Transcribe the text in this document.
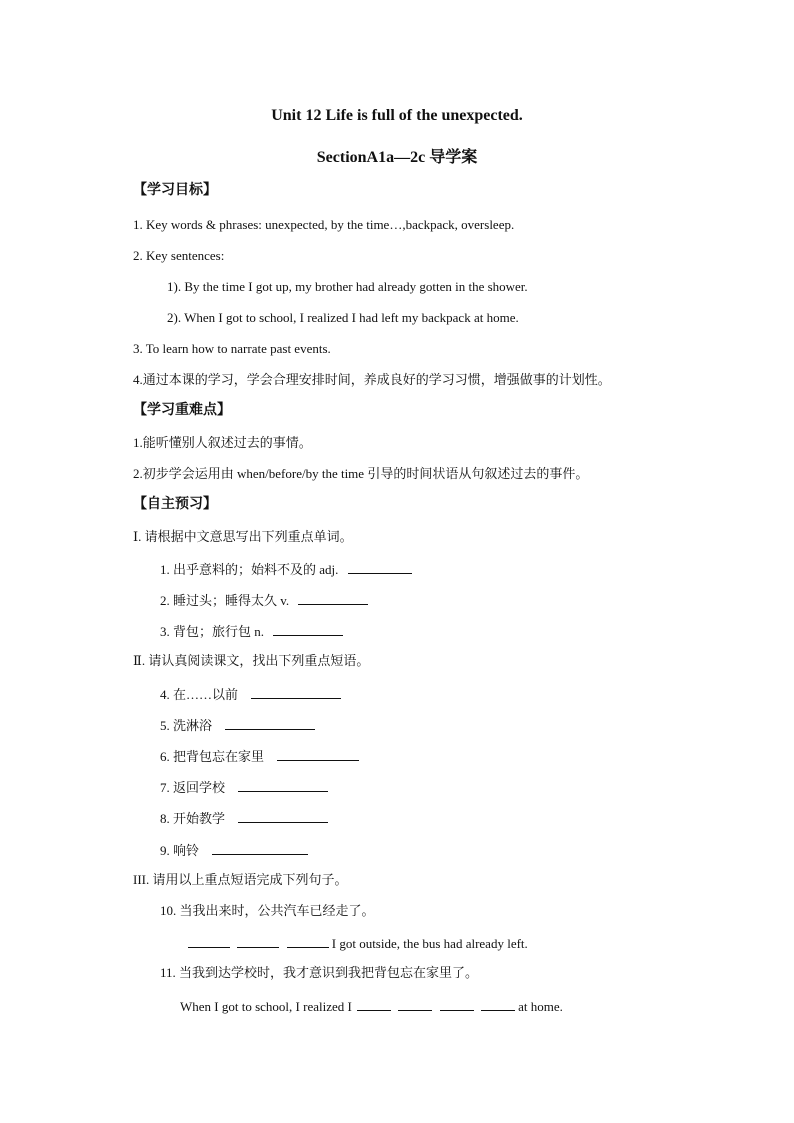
Unit 12 Life is full of the unexpected.
SectionA1a—2c 导学案
【学习目标】
1. Key words & phrases: unexpected, by the time…,backpack, oversleep.
2. Key sentences:
1). By the time I got up, my brother had already gotten in the shower.
2). When I got to school, I realized I had left my backpack at home.
3. To learn how to narrate past events.
4.通过本课的学习，学会合理安排时间，养成良好的学习习惯，增强做事的计划性。
【学习重难点】
1.能听懂别人叙述过去的事情。
2.初步学会运用由 when/before/by the time 引导的时间状语从句叙述过去的事件。
【自主预习】
Ⅰ. 请根据中文意思写出下列重点单词。
1. 出乎意料的；始料不及的 adj.
2. 睡过头；睡得太久 v.
3. 背包；旅行包 n.
Ⅱ. 请认真阅读课文，找出下列重点短语。
4. 在……以前
5. 洗淋浴
6. 把背包忘在家里
7. 返回学校
8. 开始教学
9. 响铃
III. 请用以上重点短语完成下列句子。
10. 当我出来时，公共汽车已经走了。
I got outside, the bus had already left.
11. 当我到达学校时，我才意识到我把背包忘在家里了。
When I got to school, I realized I	at home.
